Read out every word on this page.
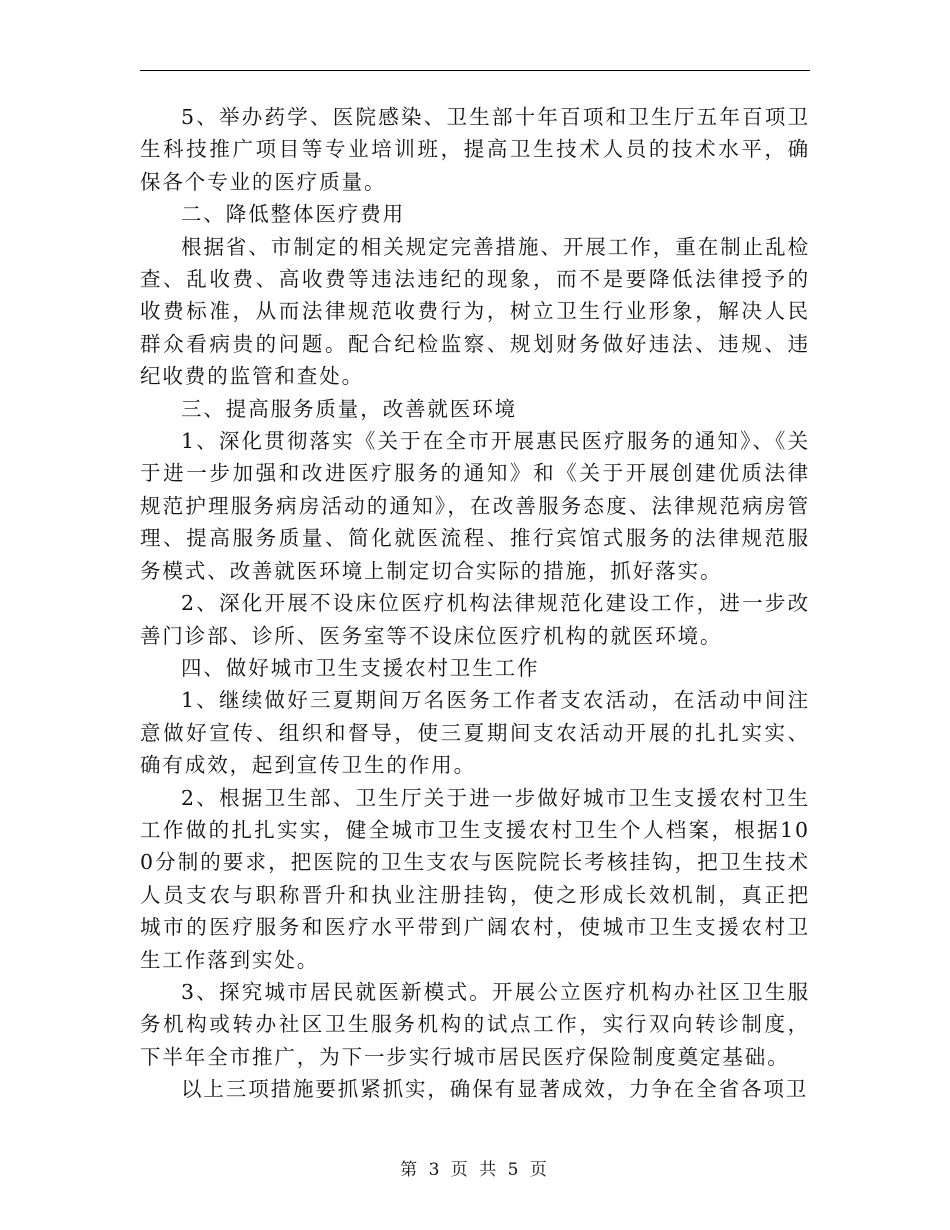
5、举办药学、医院感染、卫生部十年百项和卫生厅五年百项卫生科技推广项目等专业培训班，提高卫生技术人员的技术水平，确保各个专业的医疗质量。

二、降低整体医疗费用

根据省、市制定的相关规定完善措施、开展工作，重在制止乱检查、乱收费、高收费等违法违纪的现象，而不是要降低法律授予的收费标准，从而法律规范收费行为，树立卫生行业形象，解决人民群众看病贵的问题。配合纪检监察、规划财务做好违法、违规、违纪收费的监管和查处。

三、提高服务质量，改善就医环境

1、深化贯彻落实《关于在全市开展惠民医疗服务的通知》、《关于进一步加强和改进医疗服务的通知》和《关于开展创建优质法律规范护理服务病房活动的通知》，在改善服务态度、法律规范病房管理、提高服务质量、简化就医流程、推行宾馆式服务的法律规范服务模式、改善就医环境上制定切合实际的措施，抓好落实。

2、深化开展不设床位医疗机构法律规范化建设工作，进一步改善门诊部、诊所、医务室等不设床位医疗机构的就医环境。

四、做好城市卫生支援农村卫生工作

1、继续做好三夏期间万名医务工作者支农活动，在活动中间注意做好宣传、组织和督导，使三夏期间支农活动开展的扎扎实实、确有成效，起到宣传卫生的作用。

2、根据卫生部、卫生厅关于进一步做好城市卫生支援农村卫生工作做的扎扎实实，健全城市卫生支援农村卫生个人档案，根据100分制的要求，把医院的卫生支农与医院院长考核挂钩，把卫生技术人员支农与职称晋升和执业注册挂钩，使之形成长效机制，真正把城市的医疗服务和医疗水平带到广阔农村，使城市卫生支援农村卫生工作落到实处。

3、探究城市居民就医新模式。开展公立医疗机构办社区卫生服务机构或转办社区卫生服务机构的试点工作，实行双向转诊制度，下半年全市推广，为下一步实行城市居民医疗保险制度奠定基础。

以上三项措施要抓紧抓实，确保有显著成效，力争在全省各项卫

第 3 页 共 5 页
